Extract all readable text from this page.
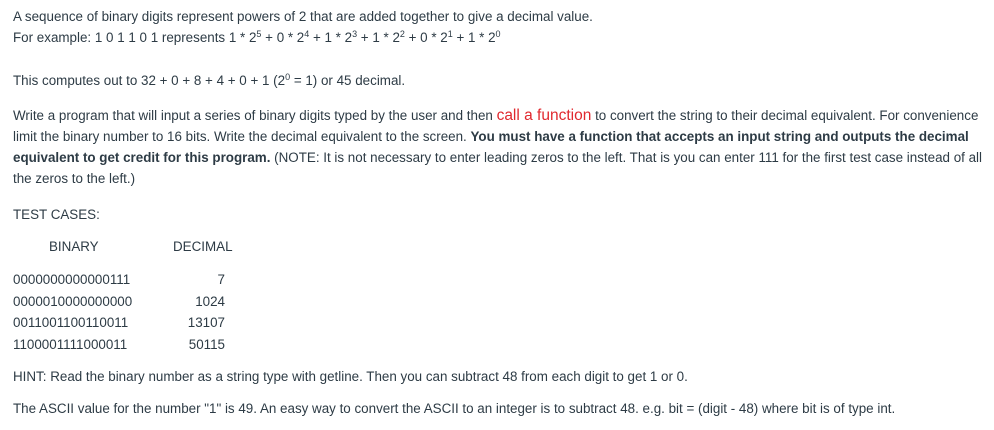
A sequence of binary digits represent powers of 2 that are added together to give a decimal value.
For example: 1 0 1 1 0 1 represents $1 * 2^5 + 0 * 2^4 + 1 * 2^3 + 1 * 2^2 + 0 * 2^1 + 1 * 2^0$
This computes out to 32 + 0 + 8 + 4 + 0 + 1 $(2^0 = 1)$ or 45 decimal.
Write a program that will input a series of binary digits typed by the user and then call a function to convert the string to their decimal equivalent. For convenience limit the binary number to 16 bits. Write the decimal equivalent to the screen. You must have a function that accepts an input string and outputs the decimal equivalent to get credit for this program. (NOTE: It is not necessary to enter leading zeros to the left. That is you can enter 111 for the first test case instead of all the zeros to the left.)
TEST CASES:
BINARY	DECIMAL
0000000000000111	7
0000010000000000	1024
0011001100110011	13107
1100001111000011	50115
HINT: Read the binary number as a string type with getline. Then you can subtract 48 from each digit to get 1 or 0.
The ASCII value for the number "1" is 49. An easy way to convert the ASCII to an integer is to subtract 48. e.g. bit = (digit - 48) where bit is of type int.
